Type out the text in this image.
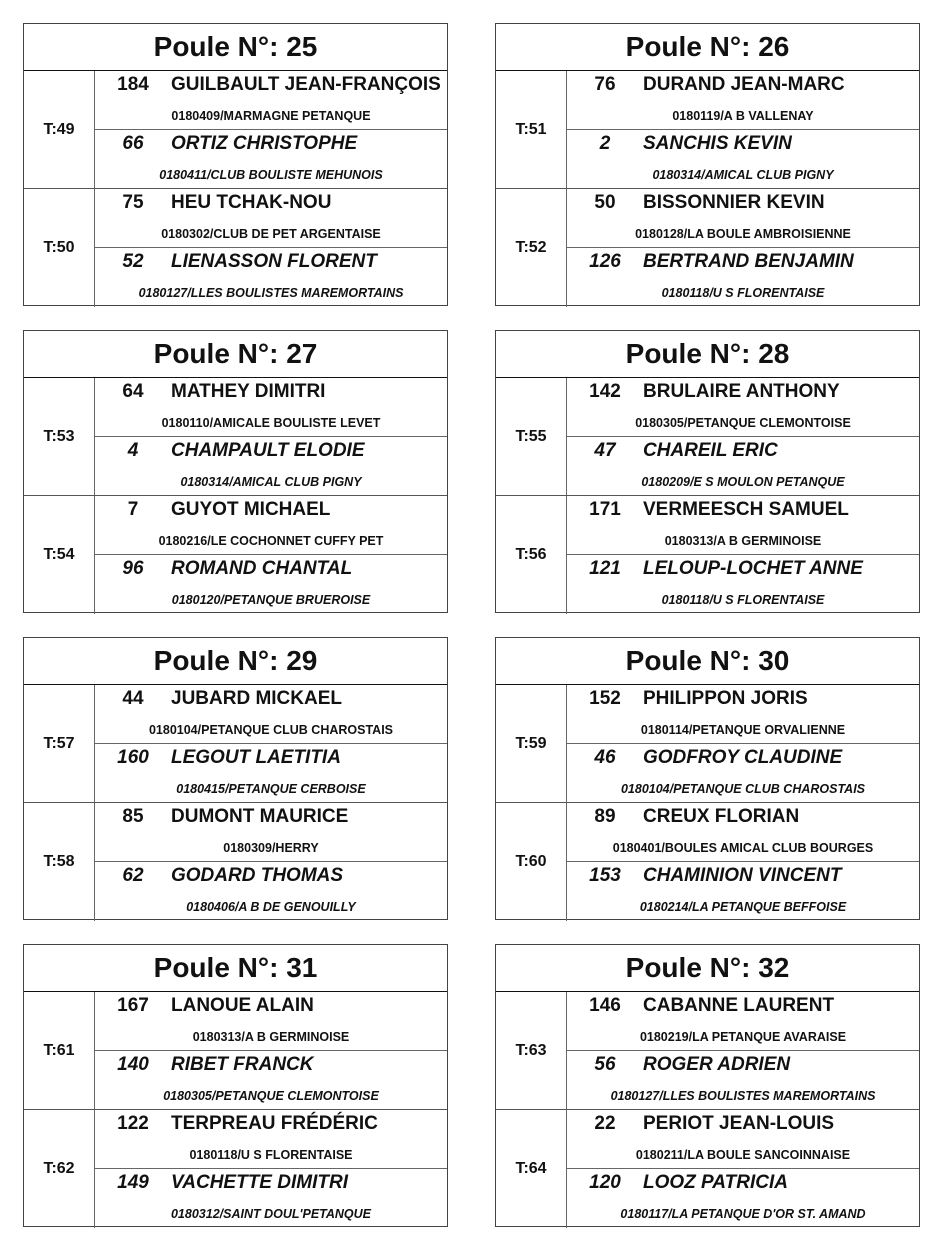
Poule N°: 25
T:49
184	GUILBAULT JEAN-FRANÇOIS
0180409/MARMAGNE PETANQUE
66	ORTIZ CHRISTOPHE
0180411/CLUB BOULISTE MEHUNOIS
T:50
75	HEU TCHAK-NOU
0180302/CLUB DE PET ARGENTAISE
52	LIENASSON FLORENT
0180127/LLES BOULISTES MAREMORTAINS
Poule N°: 26
T:51
76	DURAND JEAN-MARC
0180119/A B VALLENAY
2	SANCHIS KEVIN
0180314/AMICAL CLUB PIGNY
T:52
50	BISSONNIER KEVIN
0180128/LA BOULE AMBROISIENNE
126	BERTRAND BENJAMIN
0180118/U S FLORENTAISE
Poule N°: 27
T:53
64	MATHEY DIMITRI
0180110/AMICALE BOULISTE LEVET
4	CHAMPAULT ELODIE
0180314/AMICAL CLUB PIGNY
T:54
7	GUYOT MICHAEL
0180216/LE COCHONNET CUFFY PET
96	ROMAND CHANTAL
0180120/PETANQUE BRUEROISE
Poule N°: 28
T:55
142	BRULAIRE ANTHONY
0180305/PETANQUE CLEMONTOISE
47	CHAREIL ERIC
0180209/E S MOULON PETANQUE
T:56
171	VERMEESCH SAMUEL
0180313/A B GERMINOISE
121	LELOUP-LOCHET ANNE
0180118/U S FLORENTAISE
Poule N°: 29
T:57
44	JUBARD MICKAEL
0180104/PETANQUE CLUB CHAROSTAIS
160	LEGOUT LAETITIA
0180415/PETANQUE CERBOISE
T:58
85	DUMONT MAURICE
0180309/HERRY
62	GODARD THOMAS
0180406/A B DE GENOUILLY
Poule N°: 30
T:59
152	PHILIPPON JORIS
0180114/PETANQUE ORVALIENNE
46	GODFROY CLAUDINE
0180104/PETANQUE CLUB CHAROSTAIS
T:60
89	CREUX FLORIAN
0180401/BOULES AMICAL CLUB BOURGES
153	CHAMINION VINCENT
0180214/LA PETANQUE BEFFOISE
Poule N°: 31
T:61
167	LANOUE ALAIN
0180313/A B GERMINOISE
140	RIBET FRANCK
0180305/PETANQUE CLEMONTOISE
T:62
122	TERPREAU FRÉDÉRIC
0180118/U S FLORENTAISE
149	VACHETTE DIMITRI
0180312/SAINT DOUL'PETANQUE
Poule N°: 32
T:63
146	CABANNE LAURENT
0180219/LA PETANQUE AVARAISE
56	ROGER ADRIEN
0180127/LLES BOULISTES MAREMORTAINS
T:64
22	PERIOT JEAN-LOUIS
0180211/LA BOULE SANCOINNAISE
120	LOOZ PATRICIA
0180117/LA PETANQUE D'OR ST. AMAND
